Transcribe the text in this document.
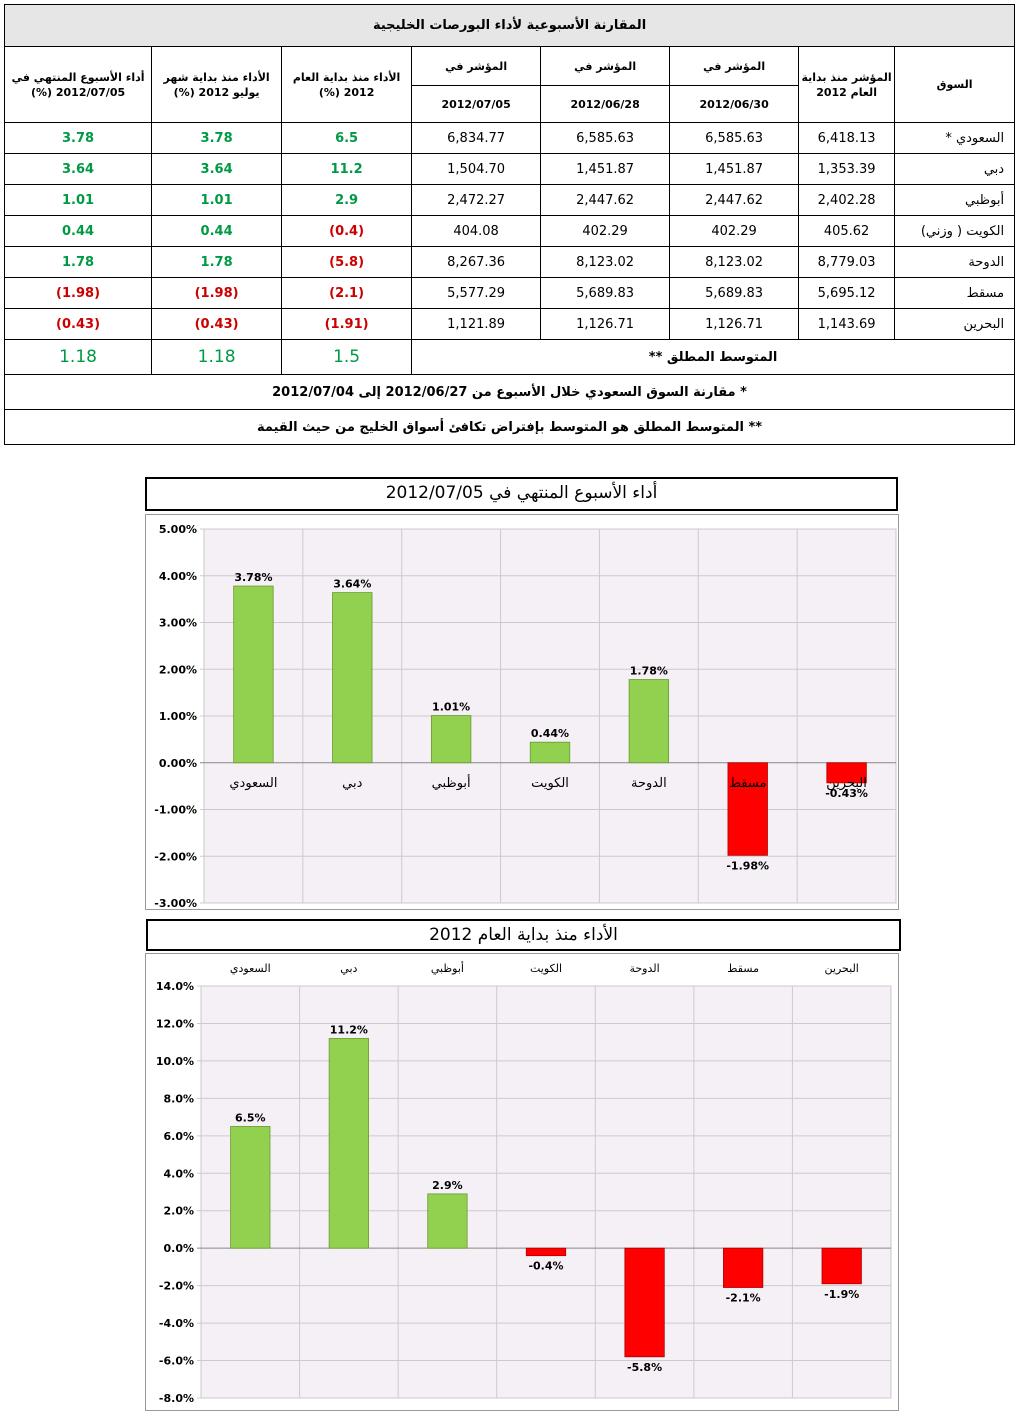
المقارنة الأسبوعية لأداء البورصات الخليجية							
السوق	المؤشر منذ بداية العام 2012	المؤشر في	المؤشر في	المؤشر في	الأداء منذ بداية العام 2012 (%)	الأداء منذ بداية شهر يوليو 2012 (%)	أداء الأسبوع المنتهي في 2012/07/05 (%)
		2012/06/30	2012/06/28	2012/07/05			
السعودي *	6,418.13	6,585.63	6,585.63	6,834.77	6.5	3.78	3.78
دبي	1,353.39	1,451.87	1,451.87	1,504.70	11.2	3.64	3.64
أبوظبي	2,402.28	2,447.62	2,447.62	2,472.27	2.9	1.01	1.01
الكويت ( وزني)	405.62	402.29	402.29	404.08	(0.4)	0.44	0.44
الدوحة	8,779.03	8,123.02	8,123.02	8,267.36	(5.8)	1.78	1.78
مسقط	5,695.12	5,689.83	5,689.83	5,577.29	(2.1)	(1.98)	(1.98)
البحرين	1,143.69	1,126.71	1,126.71	1,121.89	(1.91)	(0.43)	(0.43)
المتوسط المطلق **					1.5	1.18	1.18
* مقارنة السوق السعودي خلال الأسبوع من 2012/06/27 إلى 2012/07/04							
** المتوسط المطلق هو المتوسط بإفتراض تكافئ أسواق الخليج من حيث القيمة							
أداء الأسبوع المنتهي في 2012/07/05
5.00%
4.00%
3.00%
2.00%
1.00%
0.00%
-1.00%
-2.00%
-3.00%
3.78%
السعودي
3.64%
دبي
1.01%
أبوظبي
0.44%
الكويت
1.78%
الدوحة
-1.98%
مسقط
-0.43%
البحرين
الأداء منذ بداية العام 2012
14.0%
12.0%
10.0%
8.0%
6.0%
4.0%
2.0%
0.0%
-2.0%
-4.0%
-6.0%
-8.0%
6.5%
السعودي
11.2%
دبي
2.9%
أبوظبي
-0.4%
الكويت
-5.8%
الدوحة
-2.1%
مسقط
-1.9%
البحرين
